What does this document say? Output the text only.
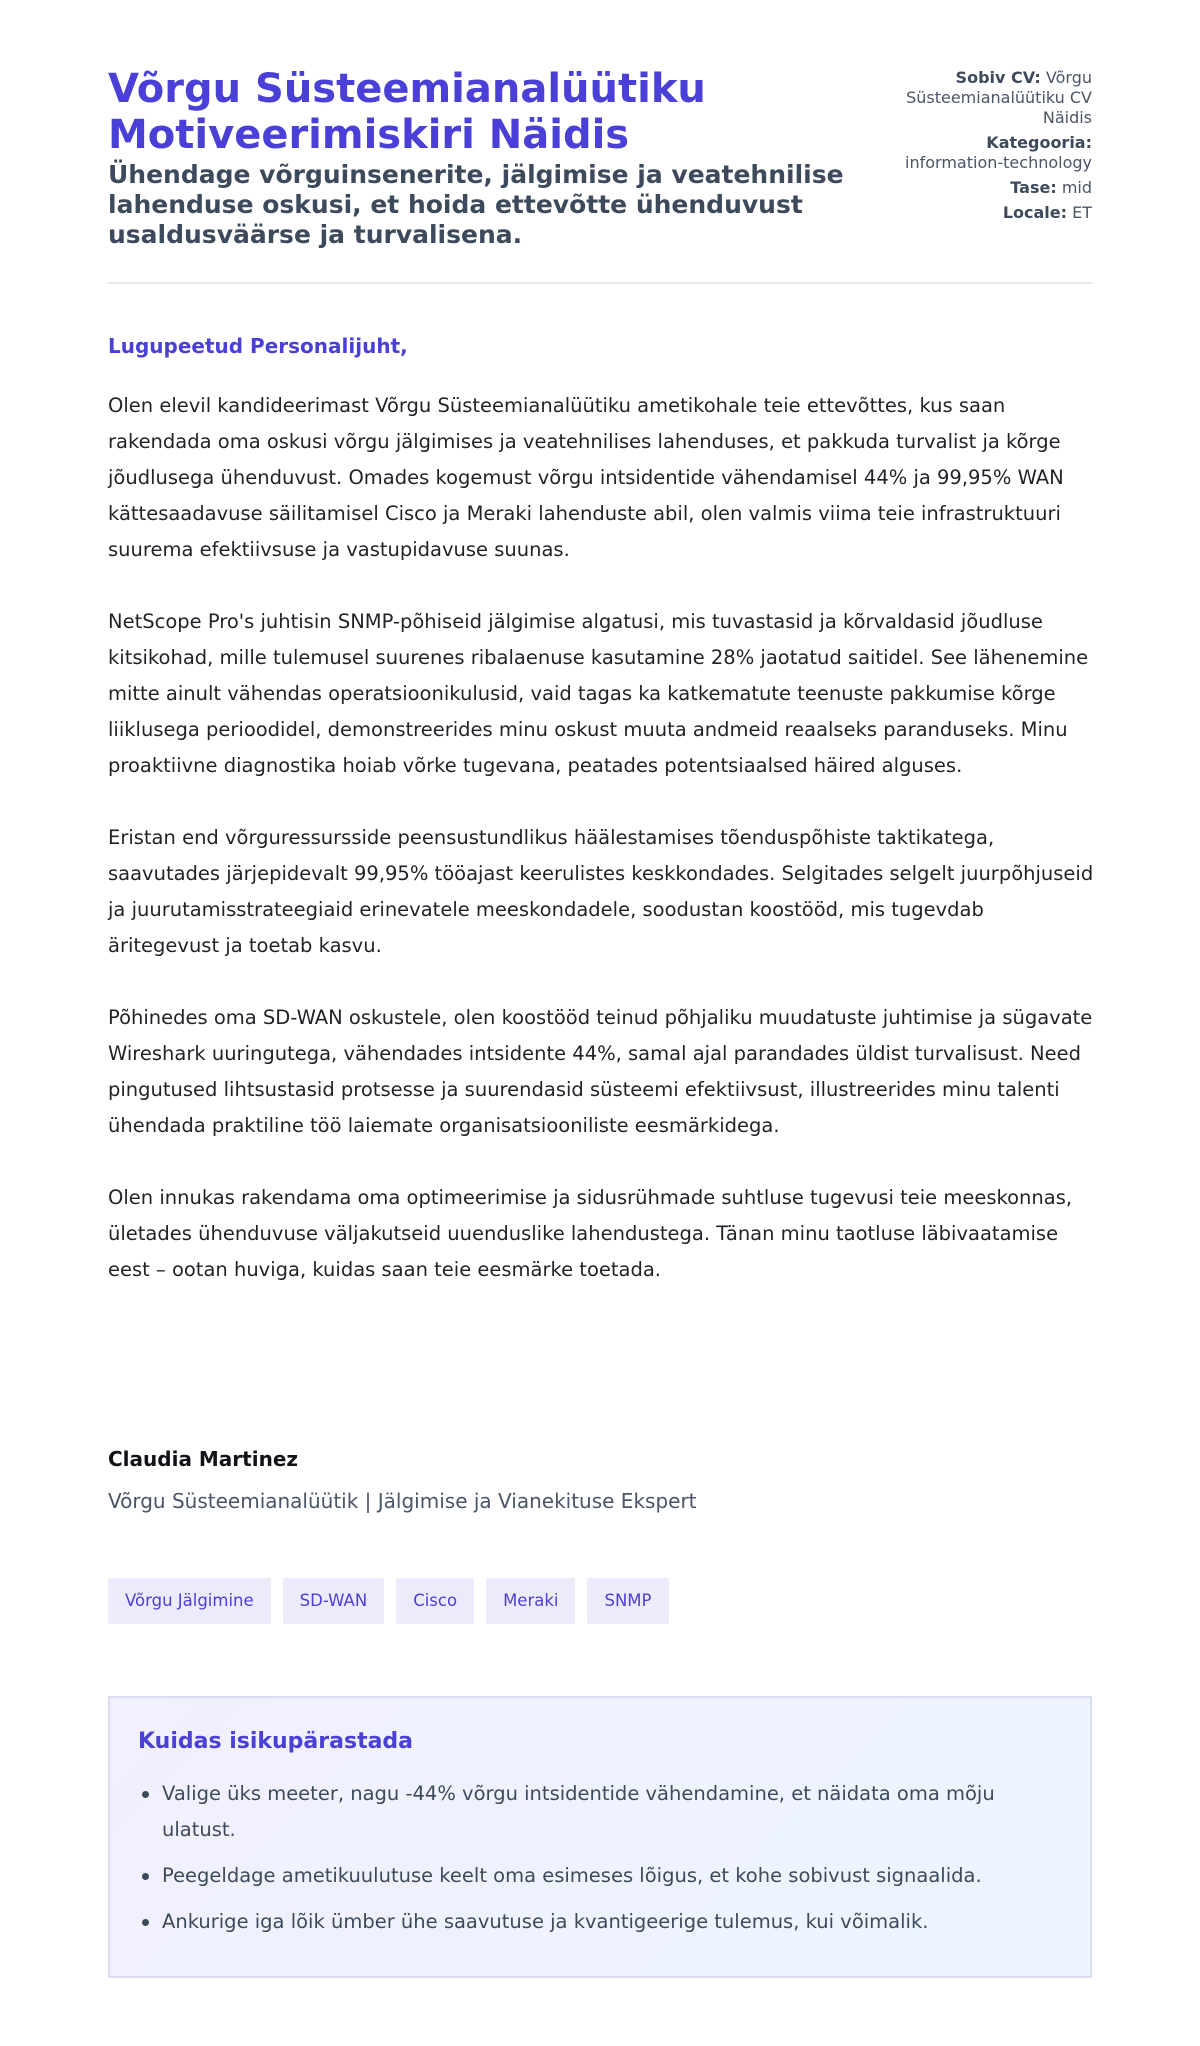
Võrgu Süsteemianalüütiku Motiveerimiskiri Näidis
Ühendage võrguinsenerite, jälgimise ja veatehnilise lahenduse oskusi, et hoida ettevõtte ühenduvust usaldusväärse ja turvalisena.
Sobiv CV: Võrgu Süsteemianalüütiku CV Näidis
Kategooria: information-technology
Tase: mid
Locale: ET
Lugupeetud Personalijuht,

Olen elevil kandideerimast Võrgu Süsteemianalüütiku ametikohale teie ettevõttes, kus saan rakendada oma oskusi võrgu jälgimises ja veatehnilises lahenduses, et pakkuda turvalist ja kõrge jõudlusega ühenduvust. Omades kogemust võrgu intsidentide vähendamisel 44% ja 99,95% WAN kättesaadavuse säilitamisel Cisco ja Meraki lahenduste abil, olen valmis viima teie infrastruktuuri suurema efektiivsuse ja vastupidavuse suunas.

NetScope Pro's juhtisin SNMP-põhiseid jälgimise algatusi, mis tuvastasid ja kõrvaldasid jõudluse kitsikohad, mille tulemusel suurenes ribalaenuse kasutamine 28% jaotatud saitidel. See lähenemine mitte ainult vähendas operatsioonikulusid, vaid tagas ka katkematute teenuste pakkumise kõrge liiklusega perioodidel, demonstreerides minu oskust muuta andmeid reaalseks paranduseks. Minu proaktiivne diagnostika hoiab võrke tugevana, peatades potentsiaalsed häired alguses.

Eristan end võrguressursside peensustundlikus häälestamises tõenduspõhiste taktikatega, saavutades järjepidevalt 99,95% tööajast keerulistes keskkondades. Selgitades selgelt juurpõhjuseid ja juurutamisstrateegiaid erinevatele meeskondadele, soodustan koostööd, mis tugevdab äritegevust ja toetab kasvu.

Põhinedes oma SD-WAN oskustele, olen koostööd teinud põhjaliku muudatuste juhtimise ja sügavate Wireshark uuringutega, vähendades intsidente 44%, samal ajal parandades üldist turvalisust. Need pingutused lihtsustasid protsesse ja suurendasid süsteemi efektiivsust, illustreerides minu talenti ühendada praktiline töö laiemate organisatsiooniliste eesmärkidega.

Olen innukas rakendama oma optimeerimise ja sidusrühmade suhtluse tugevusi teie meeskonnas, ületades ühenduvuse väljakutseid uuenduslike lahendustega. Tänan minu taotluse läbivaatamise eest – ootan huviga, kuidas saan teie eesmärke toetada.

Claudia Martinez
Võrgu Süsteemianalüütik | Jälgimise ja Vianekituse Ekspert
Võrgu Jälgimine	SD-WAN	Cisco	Meraki	SNMP
Kuidas isikupärastada
Valige üks meeter, nagu -44% võrgu intsidentide vähendamine, et näidata oma mõju ulatust.
Peegeldage ametikuulutuse keelt oma esimeses lõigus, et kohe sobivust signaalida.
Ankurige iga lõik ümber ühe saavutuse ja kvantigeerige tulemus, kui võimalik.
